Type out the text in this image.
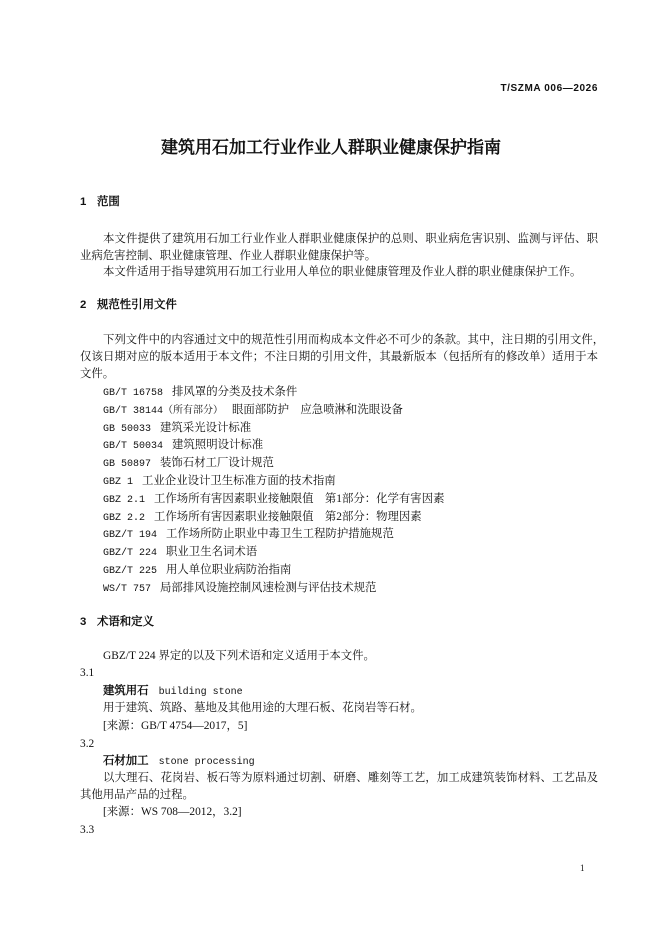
T/SZMA 006—2026
建筑用石加工行业作业人群职业健康保护指南
1 范围
本文件提供了建筑用石加工行业作业人群职业健康保护的总则、职业病危害识别、监测与评估、职
业病危害控制、职业健康管理、作业人群职业健康保护等。
本文件适用于指导建筑用石加工行业用人单位的职业健康管理及作业人群的职业健康保护工作。
2 规范性引用文件
下列文件中的内容通过文中的规范性引用而构成本文件必不可少的条款。其中，注日期的引用文件，
仅该日期对应的版本适用于本文件；不注日期的引用文件，其最新版本（包括所有的修改单）适用于本
文件。
GB/T 16758 排风罩的分类及技术条件
GB/T 38144（所有部分） 眼面部防护　应急喷淋和洗眼设备
GB 50033 建筑采光设计标准
GB/T 50034 建筑照明设计标准
GB 50897 装饰石材工厂设计规范
GBZ 1 工业企业设计卫生标准方面的技术指南
GBZ 2.1 工作场所有害因素职业接触限值　第1部分：化学有害因素
GBZ 2.2 工作场所有害因素职业接触限值　第2部分：物理因素
GBZ/T 194 工作场所防止职业中毒卫生工程防护措施规范
GBZ/T 224 职业卫生名词术语
GBZ/T 225 用人单位职业病防治指南
WS/T 757 局部排风设施控制风速检测与评估技术规范
3 术语和定义
GBZ/T 224 界定的以及下列术语和定义适用于本文件。
3.1
建筑用石 building stone
用于建筑、筑路、墓地及其他用途的大理石板、花岗岩等石材。
[来源：GB/T 4754—2017，5]
3.2
石材加工 stone processing
以大理石、花岗岩、板石等为原料通过切割、研磨、雕刻等工艺，加工成建筑装饰材料、工艺品及
其他用品产品的过程。
[来源：WS 708—2012，3.2]
3.3
1
